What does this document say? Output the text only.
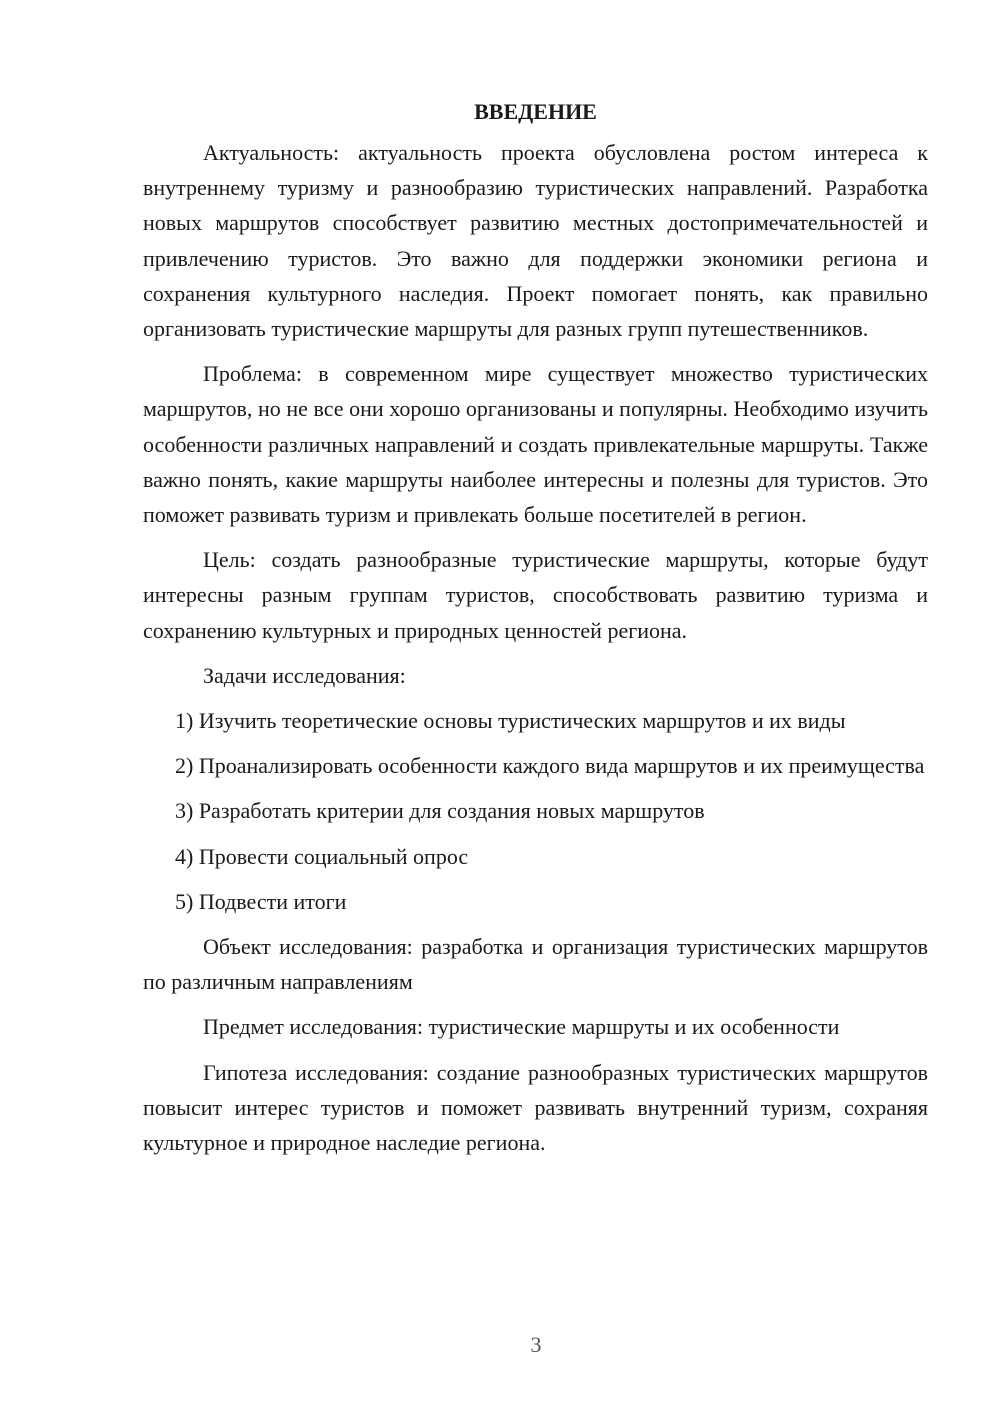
ВВЕДЕНИЕ

Актуальность: актуальность проекта обусловлена ростом интереса к внутреннему туризму и разнообразию туристических направлений. Разработка новых маршрутов способствует развитию местных достопримечательностей и привлечению туристов. Это важно для поддержки экономики региона и сохранения культурного наследия. Проект помогает понять, как правильно организовать туристические маршруты для разных групп путешественников.

Проблема: в современном мире существует множество туристических маршрутов, но не все они хорошо организованы и популярны. Необходимо изучить особенности различных направлений и создать привлекательные маршруты. Также важно понять, какие маршруты наиболее интересны и полезны для туристов. Это поможет развивать туризм и привлекать больше посетителей в регион.

Цель: создать разнообразные туристические маршруты, которые будут интересны разным группам туристов, способствовать развитию туризма и сохранению культурных и природных ценностей региона.

Задачи исследования:

1) Изучить теоретические основы туристических маршрутов и их виды

2) Проанализировать особенности каждого вида маршрутов и их преимущества

3) Разработать критерии для создания новых маршрутов

4) Провести социальный опрос

5) Подвести итоги

Объект исследования: разработка и организация туристических маршрутов по различным направлениям

Предмет исследования: туристические маршруты и их особенности

Гипотеза исследования: создание разнообразных туристических маршрутов повысит интерес туристов и поможет развивать внутренний туризм, сохраняя культурное и природное наследие региона.

3
